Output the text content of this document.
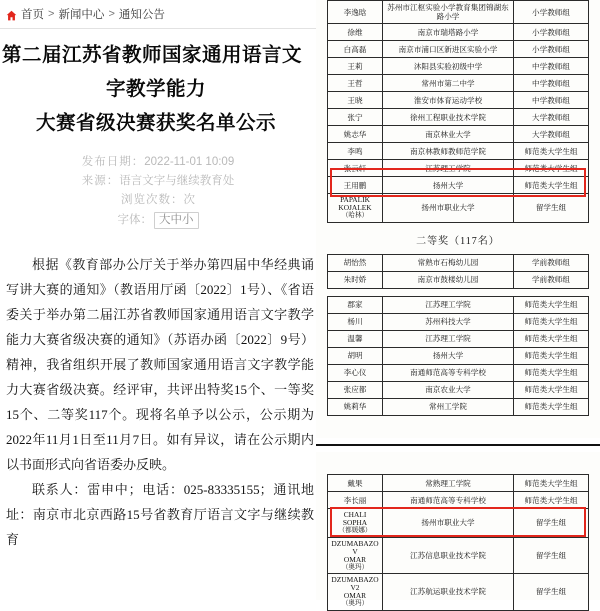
首页 > 新闻中心 > 通知公告
第二届江苏省教师国家通用语言文
字教学能力
大赛省级决赛获奖名单公示
发布日期：2022-11-01 10:09
来源：语言文字与继续教育处
浏览次数：次
字体： 大中小

根据《教育部办公厅关于举办第四届中华经典诵写讲大赛的通知》（教语用厅函〔2022〕1号）、《省语委关于举办第二届江苏省教师国家通用语言文字教学能力大赛省级决赛的通知》（苏语办函〔2022〕9号）精神，我省组织开展了教师国家通用语言文字教学能力大赛省级决赛。经评审，共评出特奖15个、一等奖15个、二等奖117个。现将名单予以公示，公示期为2022年11月1日至11月7日。如有异议，请在公示期内以书面形式向省语委办反映。

联系人：雷申中；电话：025-83335155；通讯地址：南京市北京西路15号省教育厅语言文字与继续教育

李逸晗	苏州市江枢实验小学教育集团锦湖东路小学	小学教师组
徐维	南京市瑞塔路小学	小学教师组
白高磊	南京市浦口区新进区实验小学	小学教师组
王莉	沐阳县实验初级中学	中学教师组
王哲	常州市第二中学	中学教师组
王晓	淮安市体育运动学校	中学教师组
张宁	徐州工程职业技术学院	大学教师组
姚志华	南京林业大学	大学教师组
李鸣	南京林教师教师范学院	师范类大学生组
张云轩	江苏理工学院	师范类大学生组
王用鹏	扬州大学	师范类大学生组

PAPALIK
KOJALEK
（哈林）	扬州市职业大学	留学生组
二等奖（117名）
胡怡然	常熟市石梅幼儿园	学前教师组
朱时娇	南京市鼓楼幼儿园	学前教师组
郡家	江苏理工学院	师范类大学生组
杨川	苏州科技大学	师范类大学生组
温馨	江苏理工学院	师范类大学生组
胡明	扬州大学	师范类大学生组
李心仪	南通师范高等专科学校	师范类大学生组
张应都	南京农业大学	师范类大学生组
姚莉华	常州工学院	师范类大学生组
戴果	常熟理工学院	师范类大学生组
李长丽	南通师范高等专科学校	师范类大学生组

CHALI
SOPHA
（都媛娜）	扬州市职业大学	留学生组

DZUMABAZOV
OMAR
（奥玛）	江苏信息职业技术学院	留学生组

DZUMABAZOV2
OMAR
（奥玛）	江苏航运职业技术学院	留学生组
